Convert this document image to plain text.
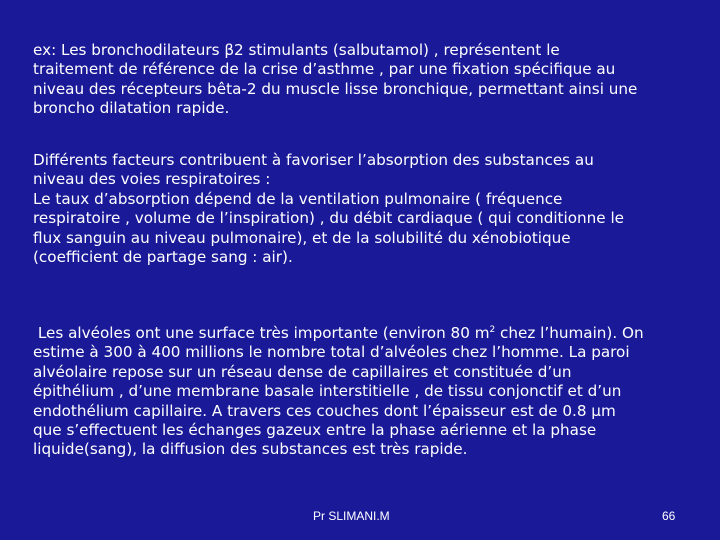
ex: Les bronchodilateurs β2 stimulants (salbutamol) , représentent le
traitement de référence de la crise d’asthme , par une fixation spécifique au
niveau des récepteurs bêta-2 du muscle lisse bronchique, permettant ainsi une
broncho dilatation rapide.

Différents facteurs contribuent à favoriser l’absorption des substances au
niveau des voies respiratoires :
Le taux d’absorption dépend de la ventilation pulmonaire ( fréquence
respiratoire , volume de l’inspiration) , du débit cardiaque ( qui conditionne le
flux sanguin au niveau pulmonaire), et de la solubilité du xénobiotique
(coefficient de partage sang : air).

Les alvéoles ont une surface très importante (environ 80 $m^2$ chez l’humain). On
estime à 300 à 400 millions le nombre total d’alvéoles chez l’homme. La paroi
alvéolaire repose sur un réseau dense de capillaires et constituée d’un
épithélium , d’une membrane basale interstitielle , de tissu conjonctif et d’un
endothélium capillaire. A travers ces couches dont l’épaisseur est de 0.8 µm
que s’effectuent les échanges gazeux entre la phase aérienne et la phase
liquide(sang), la diffusion des substances est très rapide.

Pr SLIMANI.M	66
